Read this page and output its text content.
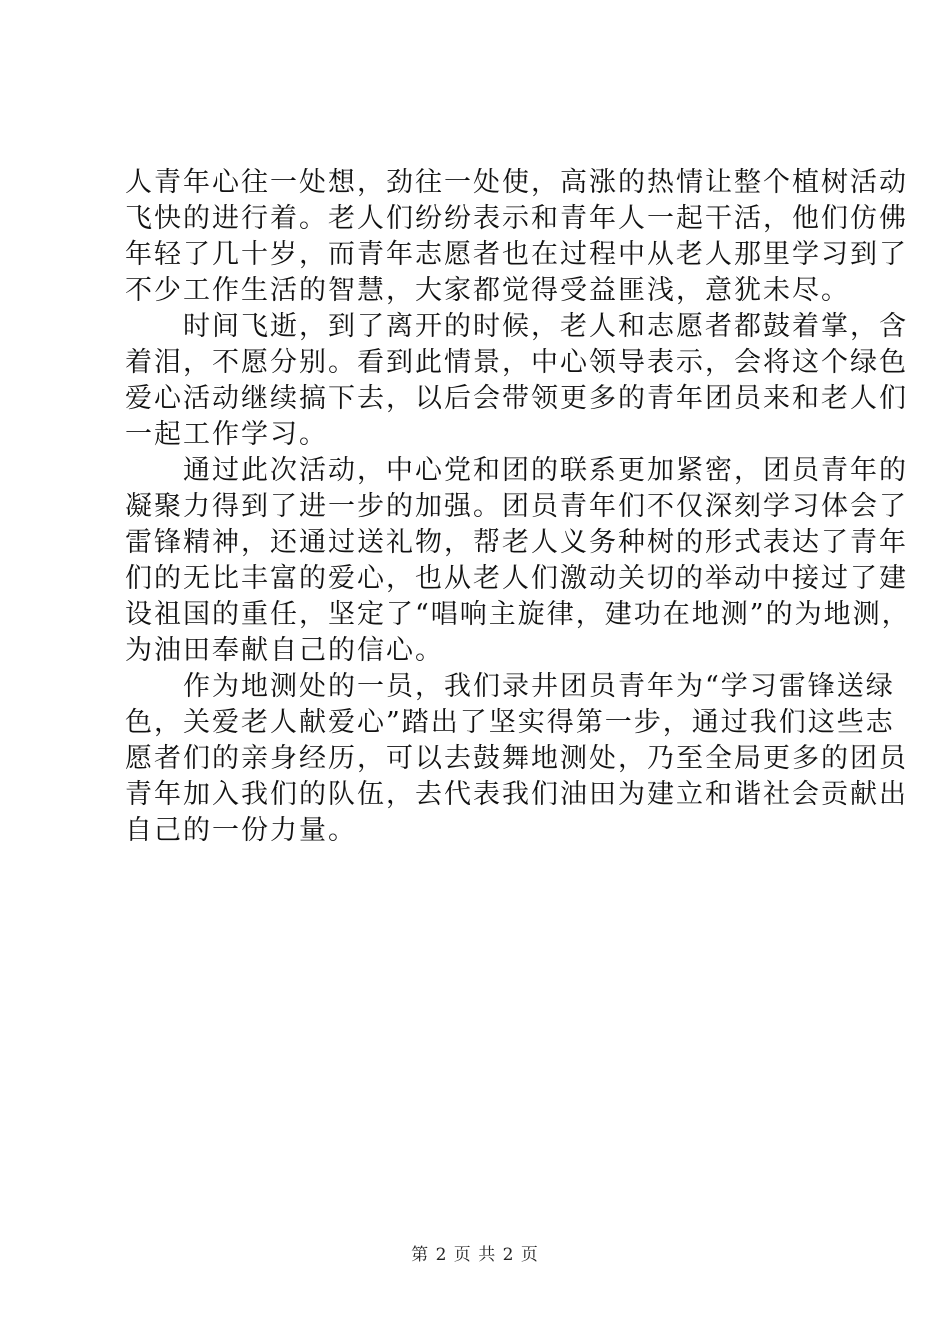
人青年心往一处想，劲往一处使，高涨的热情让整个植树活动
飞快的进行着。老人们纷纷表示和青年人一起干活，他们仿佛
年轻了几十岁，而青年志愿者也在过程中从老人那里学习到了
不少工作生活的智慧，大家都觉得受益匪浅，意犹未尽。
　　时间飞逝，到了离开的时候，老人和志愿者都鼓着掌，含
着泪，不愿分别。看到此情景，中心领导表示，会将这个绿色
爱心活动继续搞下去，以后会带领更多的青年团员来和老人们
一起工作学习。
　　通过此次活动，中心党和团的联系更加紧密，团员青年的
凝聚力得到了进一步的加强。团员青年们不仅深刻学习体会了
雷锋精神，还通过送礼物，帮老人义务种树的形式表达了青年
们的无比丰富的爱心，也从老人们激动关切的举动中接过了建
设祖国的重任，坚定了“唱响主旋律，建功在地测”的为地测，
为油田奉献自己的信心。
　　作为地测处的一员，我们录井团员青年为“学习雷锋送绿
色，关爱老人献爱心”踏出了坚实得第一步，通过我们这些志
愿者们的亲身经历，可以去鼓舞地测处，乃至全局更多的团员
青年加入我们的队伍，去代表我们油田为建立和谐社会贡献出
自己的一份力量。
第 2 页 共 2 页
